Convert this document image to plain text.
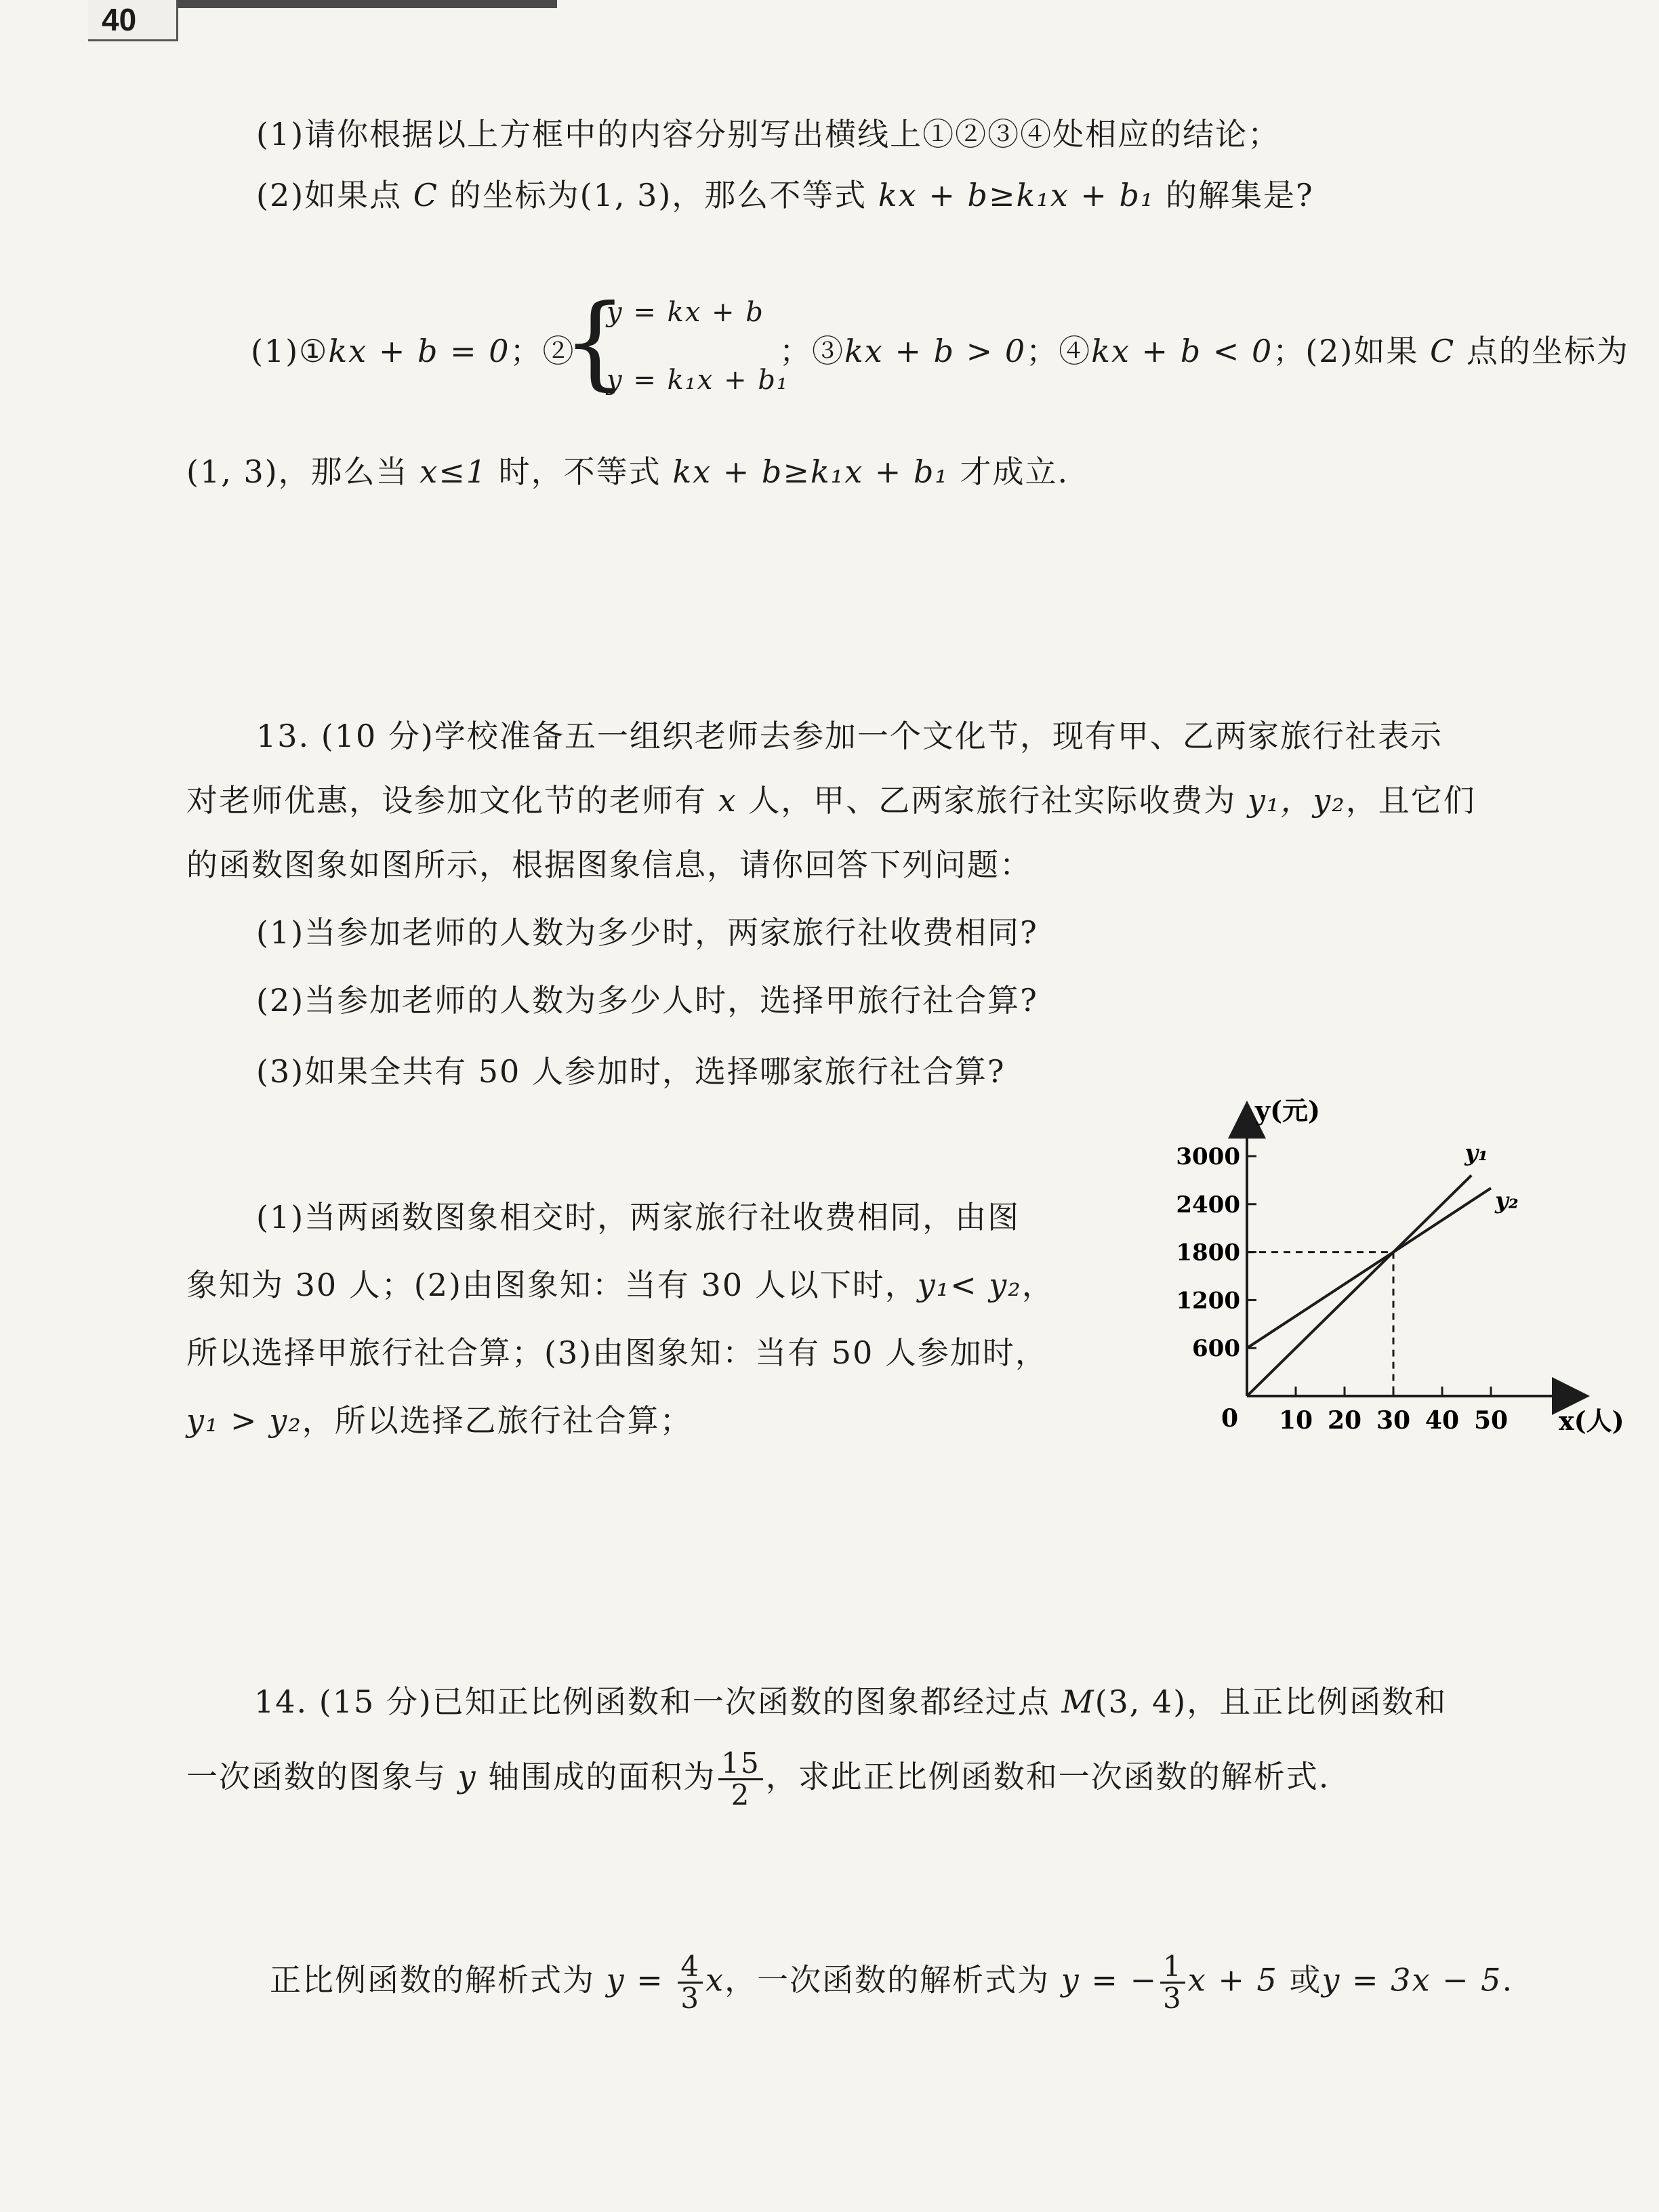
40
(1)请你根据以上方框中的内容分别写出横线上①②③④处相应的结论；
(2)如果点 C 的坐标为(1, 3)，那么不等式 kx + b≥k₁x + b₁ 的解集是?
(1)①kx + b = 0；②
{
y = kx + b
y = k₁x + b₁
；③kx + b > 0；④kx + b < 0；(2)如果 C 点的坐标为
(1, 3)，那么当 x≤1 时，不等式 kx + b≥k₁x + b₁ 才成立.
13. (10 分)学校准备五一组织老师去参加一个文化节，现有甲、乙两家旅行社表示
对老师优惠，设参加文化节的老师有 x 人，甲、乙两家旅行社实际收费为 y₁，y₂，且它们
的函数图象如图所示，根据图象信息，请你回答下列问题：
(1)当参加老师的人数为多少时，两家旅行社收费相同?
(2)当参加老师的人数为多少人时，选择甲旅行社合算?
(3)如果全共有 50 人参加时，选择哪家旅行社合算?
(1)当两函数图象相交时，两家旅行社收费相同，由图
象知为 30 人；(2)由图象知：当有 30 人以下时，y₁< y₂，
所以选择甲旅行社合算；(3)由图象知：当有 50 人参加时，
y₁ > y₂，所以选择乙旅行社合算；	10 20 30 40 50
600
1200
1800
2400
3000	y₁
y₂
y(元)
x(人)
0
14. (15 分)已知正比例函数和一次函数的图象都经过点 M(3, 4)，且正比例函数和
一次函数的图象与 y 轴围成的面积为 $\frac{15}{2}$ ，求此正比例函数和一次函数的解析式.
正比例函数的解析式为 $y = \frac{4}{3}$ x，一次函数的解析式为 y = − $\frac{1}{3}$ x + 5 或y = 3x − 5.
